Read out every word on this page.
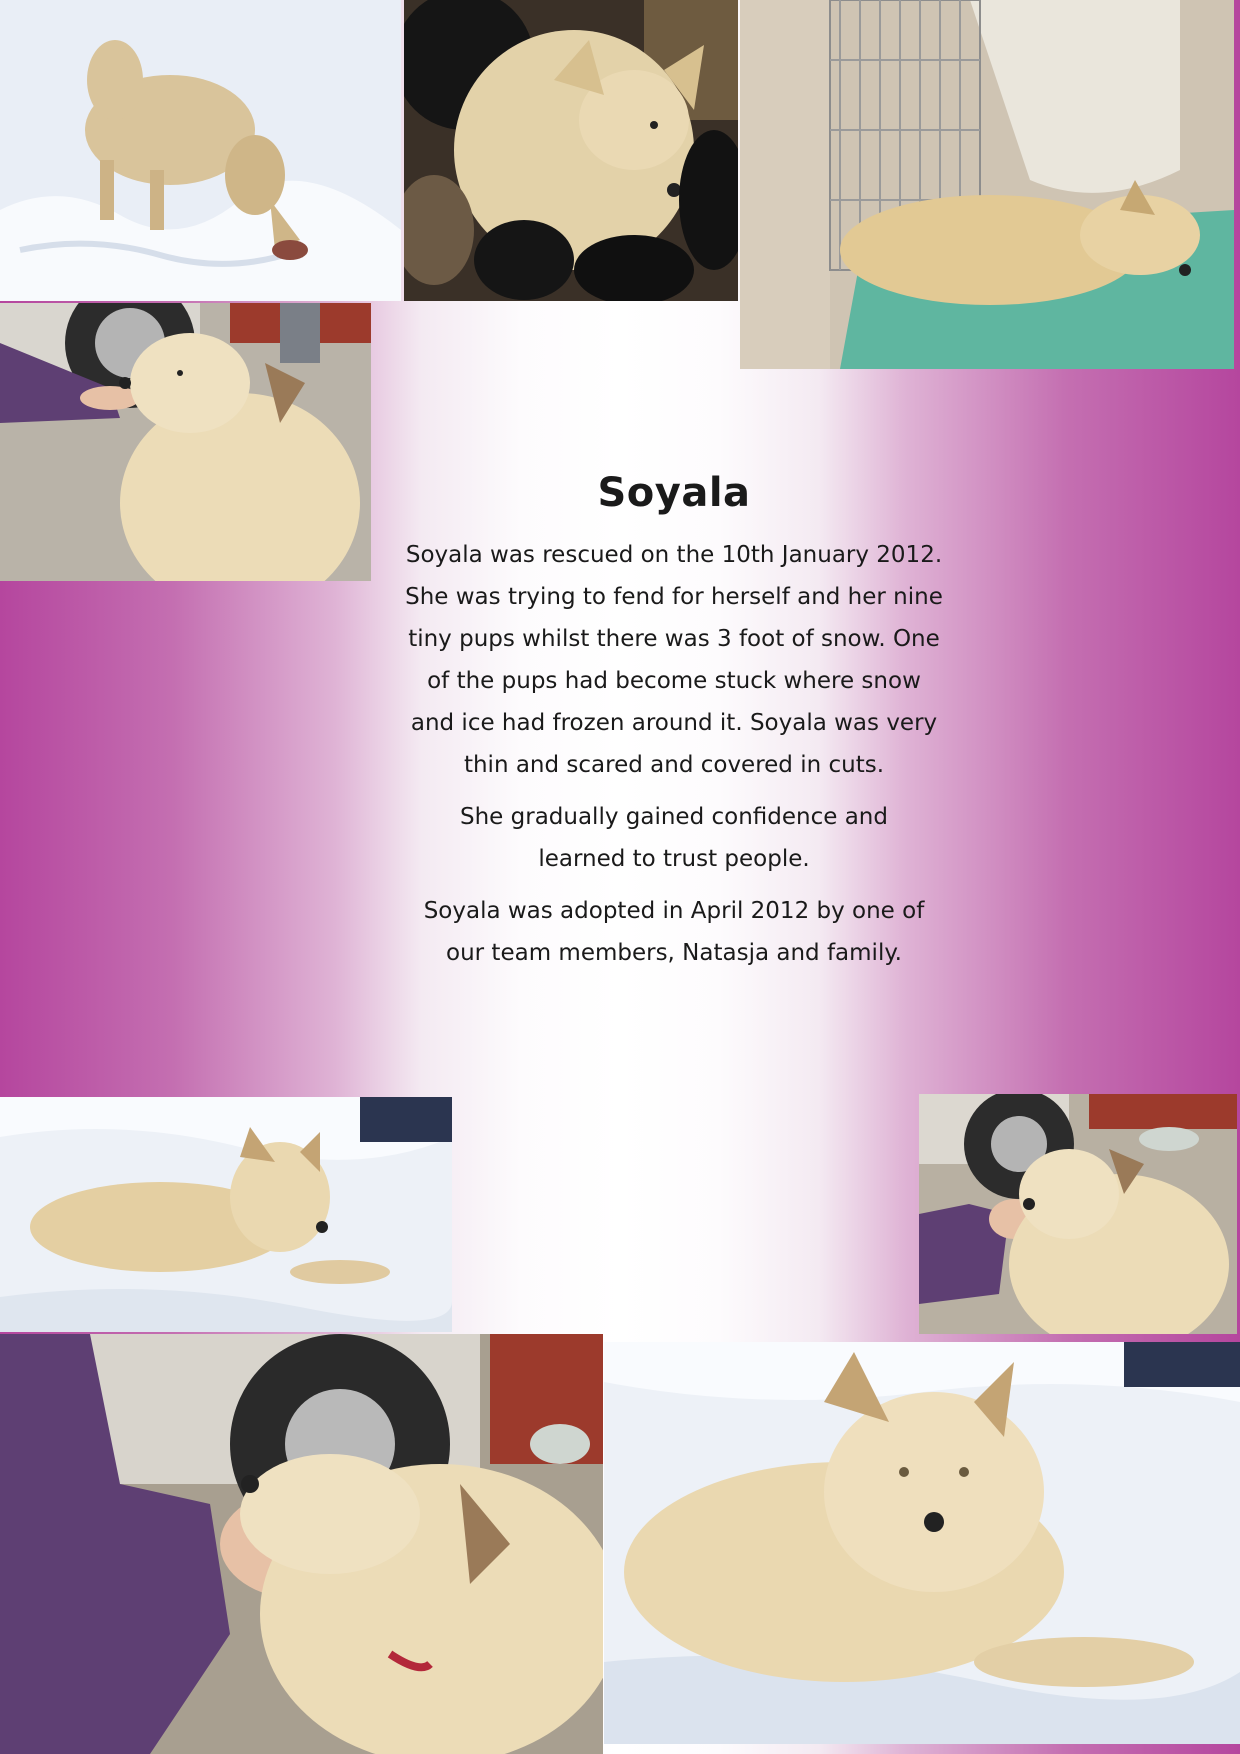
Soyala

Soyala was rescued on the 10th January 2012. She was trying to fend for herself and her nine tiny pups whilst there was 3 foot of snow. One of the pups had become stuck where snow and ice had frozen around it. Soyala was very thin and scared and covered in cuts.

She gradually gained confidence and learned to trust people.

Soyala was adopted in April 2012 by one of our team members, Natasja and family.
